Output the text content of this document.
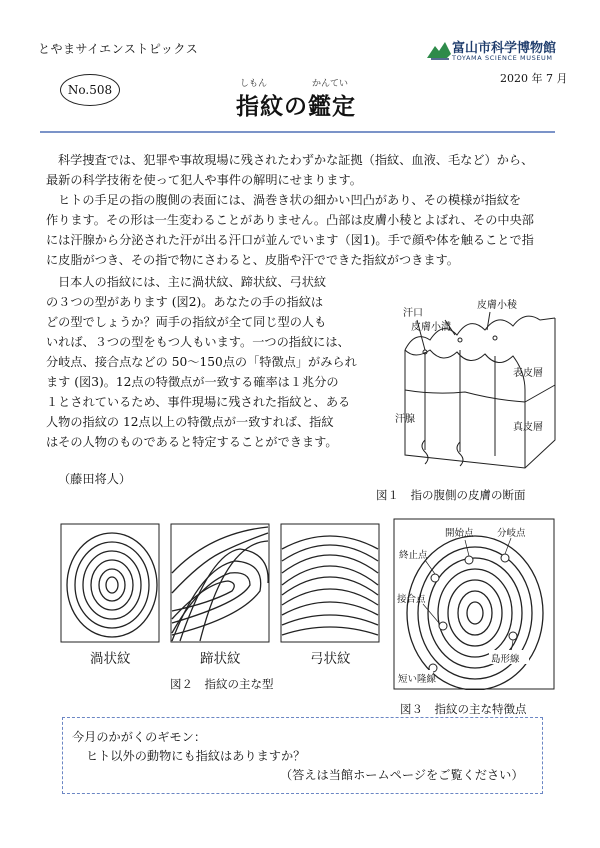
とやまサイエンストピックス	富山市科学博物館
TOYAMA SCIENCE MUSEUM
2020 年 7 月
No.508	しもん	かんてい
指紋の鑑定
科学捜査では、犯罪や事故現場に残されたわずかな証拠（指紋、血液、毛など）から、
最新の科学技術を使って犯人や事件の解明にせまります。
ヒトの手足の指の腹側の表面には、渦巻き状の細かい凹凸があり、その模様が指紋を
作ります。その形は一生変わることがありません。凸部は皮膚小稜とよばれ、その中央部
には汗腺から分泌された汗が出る汗口が並んでいます（図1)。手で顔や体を触ることで指
に皮脂がつき、その指で物にさわると、皮脂や汗でできた指紋がつきます。
日本人の指紋には、主に渦状紋、蹄状紋、弓状紋
の３つの型があります (図2)。あなたの手の指紋は
どの型でしょうか？両手の指紋が全て同じ型の人も
いれば、３つの型をもつ人もいます。一つの指紋には、
分岐点、接合点などの 50～150点の「特徴点」がみられ
ます (図3)。12点の特徴点が一致する確率は１兆分の
１とされているため、事件現場に残された指紋と、ある
人物の指紋の 12点以上の特徴点が一致すれば、指紋
はその人物のものであると特定することができます。
（藤田将人）
汗口
皮膚小溝
皮膚小稜
表皮層
汗腺
真皮層
図１　指の腹側の皮膚の断面
渦状紋	蹄状紋	弓状紋
図２　指紋の主な型
開始点 分岐点
終止点
接合点
島形線
短い隆線
図３　指紋の主な特徴点
今月のかがくのギモン：
ヒト以外の動物にも指紋はありますか？
（答えは当館ホームページをご覧ください）
